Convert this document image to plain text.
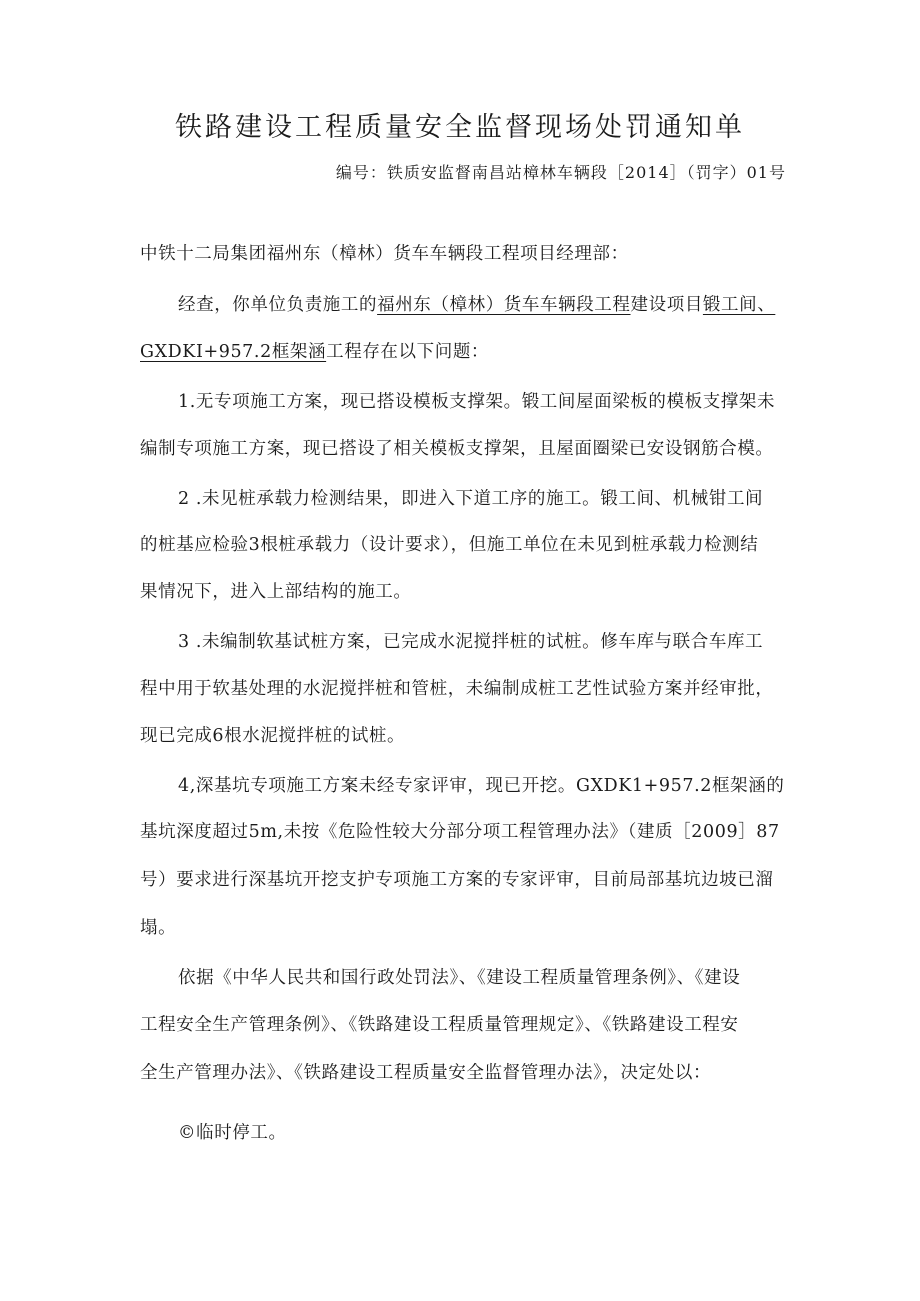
铁路建设工程质量安全监督现场处罚通知单
编号：铁质安监督南昌站樟林车辆段［2014］（罚字）01号
中铁十二局集团福州东（樟林）货车车辆段工程项目经理部：
经查，你单位负责施工的福州东（樟林）货车车辆段工程建设项目锻工间、
GXDKI+957.2框架涵工程存在以下问题：
1.无专项施工方案，现已搭设模板支撑架。锻工间屋面梁板的模板支撑架未
编制专项施工方案，现已搭设了相关模板支撑架，且屋面圈梁已安设钢筋合模。
2 .未见桩承载力检测结果，即进入下道工序的施工。锻工间、机械钳工间
的桩基应检验3根桩承载力（设计要求），但施工单位在未见到桩承载力检测结
果情况下，进入上部结构的施工。
3 .未编制软基试桩方案，已完成水泥搅拌桩的试桩。修车库与联合车库工
程中用于软基处理的水泥搅拌桩和管桩，未编制成桩工艺性试验方案并经审批，
现已完成6根水泥搅拌桩的试桩。
4,深基坑专项施工方案未经专家评审，现已开挖。GXDK1+957.2框架涵的
基坑深度超过5m,未按《危险性较大分部分项工程管理办法》（建质［2009］87
号）要求进行深基坑开挖支护专项施工方案的专家评审，目前局部基坑边坡已溜
塌。
依据《中华人民共和国行政处罚法》、《建设工程质量管理条例》、《建设
工程安全生产管理条例》、《铁路建设工程质量管理规定》、《铁路建设工程安
全生产管理办法》、《铁路建设工程质量安全监督管理办法》，决定处以：
©临时停工。
